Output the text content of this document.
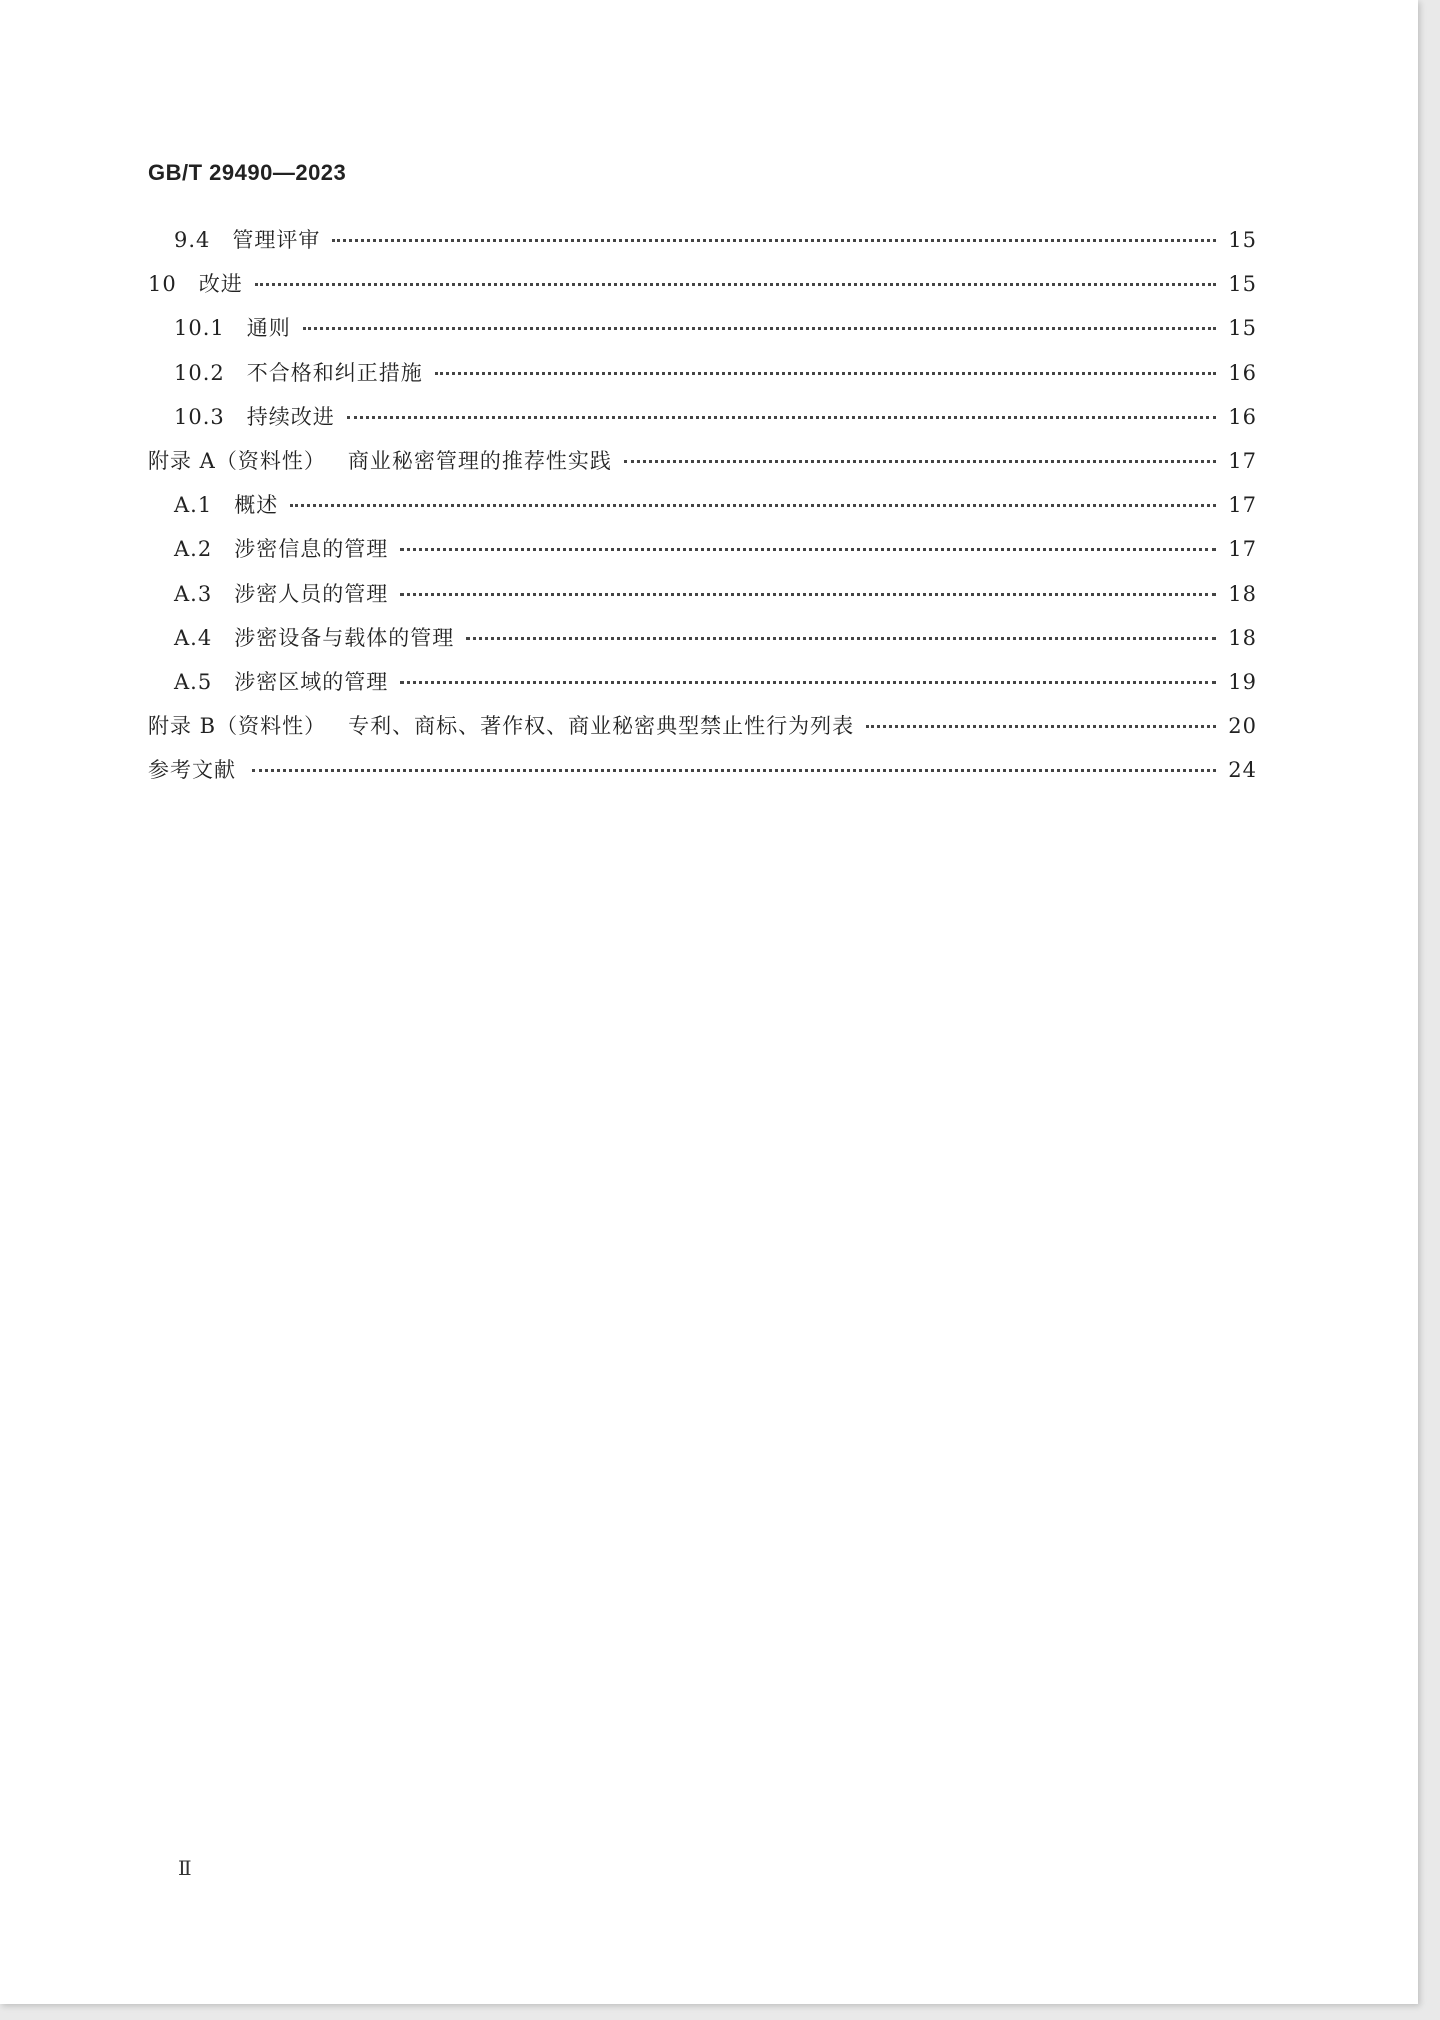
GB/T 29490—2023
9.4 管理评审	15
10 改进	15
10.1 通则	15
10.2 不合格和纠正措施	16
10.3 持续改进	16
附录 A（资料性） 商业秘密管理的推荐性实践	17
A.1 概述	17
A.2 涉密信息的管理	17
A.3 涉密人员的管理	18
A.4 涉密设备与载体的管理	18
A.5 涉密区域的管理	19
附录 B（资料性） 专利、商标、著作权、商业秘密典型禁止性行为列表	20
参考文献	24
Ⅱ
